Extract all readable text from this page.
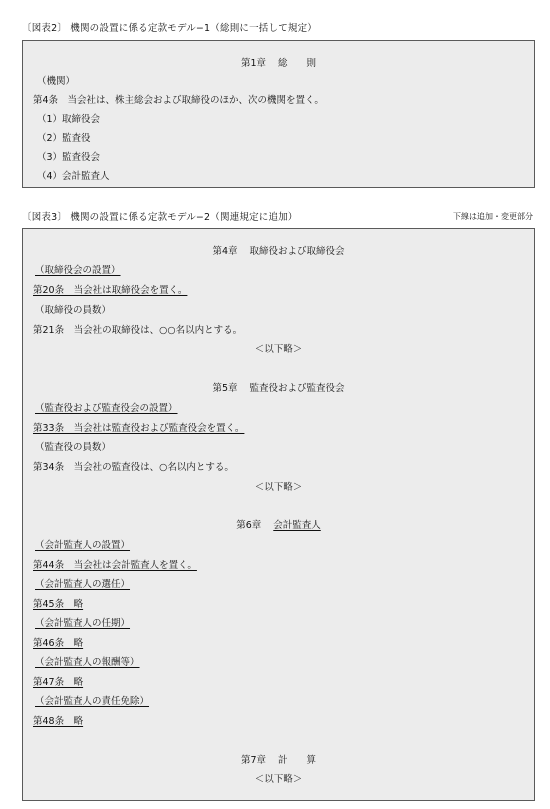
〔図表2〕 機関の設置に係る定款モデル−1（総則に一括して規定）
第1章 総　　則
（機関）
第4条　当会社は、株主総会および取締役のほか、次の機関を置く。
（1）取締役会
（2）監査役
（3）監査役会
（4）会計監査人
〔図表3〕 機関の設置に係る定款モデル−2（関連規定に追加）	下線は追加・変更部分
第4章 取締役および取締役会
（取締役会の設置）
第20条　当会社は取締役会を置く。
（取締役の員数）
第21条　当会社の取締役は、○○名以内とする。
＜以下略＞
第5章 監査役および監査役会
（監査役および監査役会の設置）
第33条　当会社は監査役および監査役会を置く。
（監査役の員数）
第34条　当会社の監査役は、○名以内とする。
＜以下略＞
第6章 会計監査人
（会計監査人の設置）
第44条　当会社は会計監査人を置く。
（会計監査人の選任）
第45条　略
（会計監査人の任期）
第46条　略
（会計監査人の報酬等）
第47条　略
（会計監査人の責任免除）
第48条　略
第7章 計　　算
＜以下略＞
